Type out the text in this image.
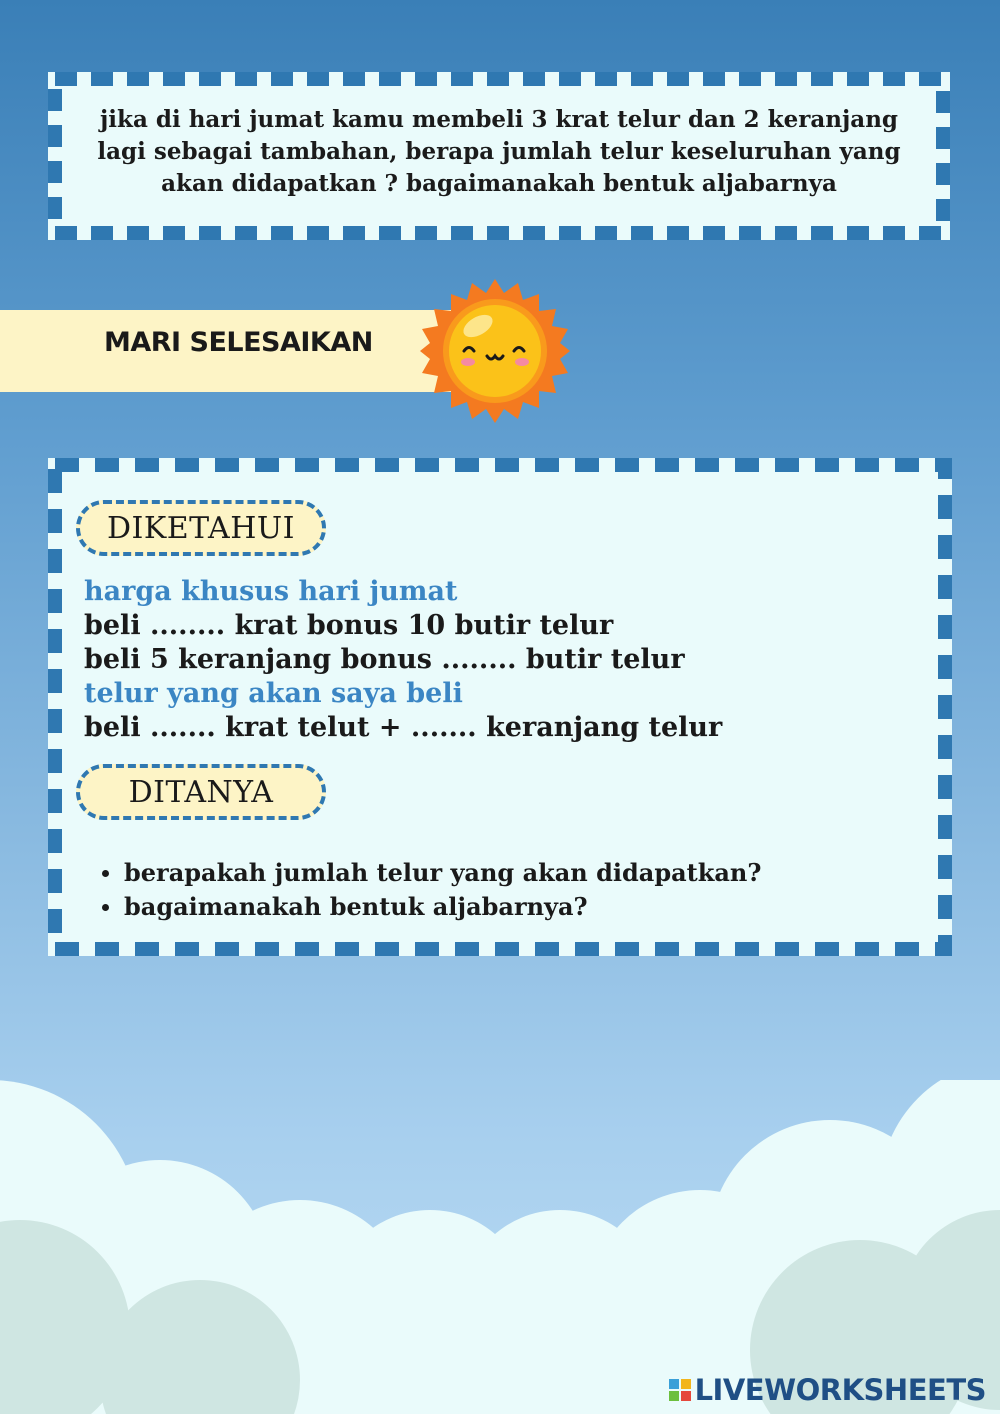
jika di hari jumat kamu membeli 3 krat telur dan 2 keranjang lagi sebagai tambahan, berapa jumlah telur keseluruhan yang akan didapatkan ? bagaimanakah bentuk aljabarnya
MARI SELESAIKAN
DIKETAHUI
harga khusus hari jumat
beli ........ krat bonus 10 butir telur
beli 5 keranjang bonus ........ butir telur
telur yang akan saya beli
beli ....... krat telut + ....... keranjang telur
DITANYA
berapakah jumlah telur yang akan didapatkan?
bagaimanakah bentuk aljabarnya?
LIVEWORKSHEETS
